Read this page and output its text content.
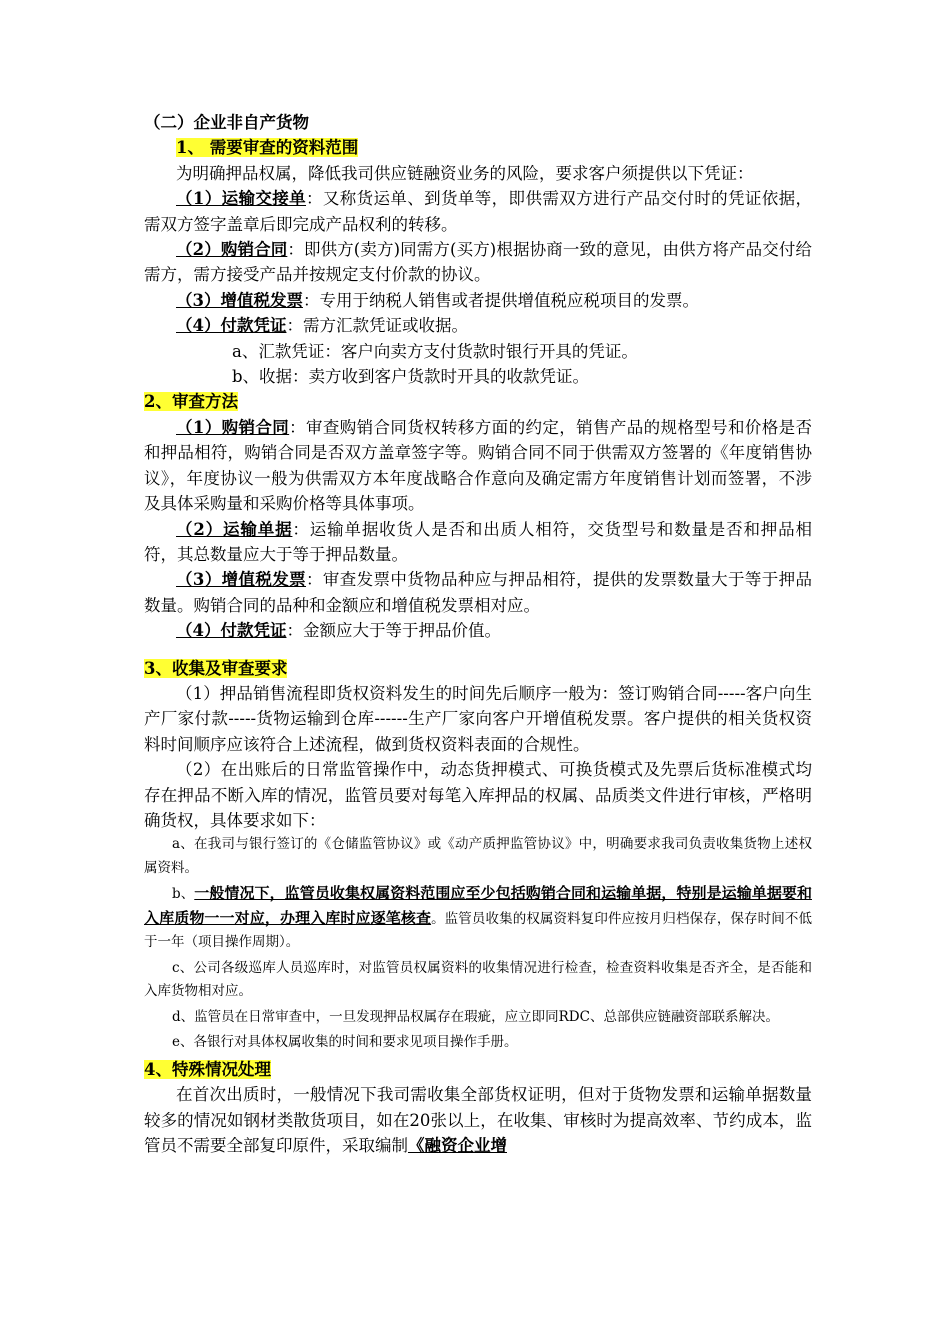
（二）企业非自产货物
1、 需要审查的资料范围

为明确押品权属，降低我司供应链融资业务的风险，要求客户须提供以下凭证：

（1）运输交接单：又称货运单、到货单等，即供需双方进行产品交付时的凭证依据，需双方签字盖章后即完成产品权利的转移。

（2）购销合同：即供方(卖方)同需方(买方)根据协商一致的意见，由供方将产品交付给需方，需方接受产品并按规定支付价款的协议。

（3）增值税发票：专用于纳税人销售或者提供增值税应税项目的发票。

（4）付款凭证：需方汇款凭证或收据。

a、汇款凭证：客户向卖方支付货款时银行开具的凭证。
b、收据：卖方收到客户货款时开具的收款凭证。
2、审查方法

（1）购销合同：审查购销合同货权转移方面的约定，销售产品的规格型号和价格是否和押品相符，购销合同是否双方盖章签字等。购销合同不同于供需双方签署的《年度销售协议》，年度协议一般为供需双方本年度战略合作意向及确定需方年度销售计划而签署，不涉及具体采购量和采购价格等具体事项。

（2）运输单据：运输单据收货人是否和出质人相符，交货型号和数量是否和押品相符，其总数量应大于等于押品数量。

（3）增值税发票：审查发票中货物品种应与押品相符，提供的发票数量大于等于押品数量。购销合同的品种和金额应和增值税发票相对应。

（4）付款凭证：金额应大于等于押品价值。

3、收集及审查要求

（1）押品销售流程即货权资料发生的时间先后顺序一般为：签订购销合同-----客户向生产厂家付款-----货物运输到仓库------生产厂家向客户开增值税发票。客户提供的相关货权资料时间顺序应该符合上述流程，做到货权资料表面的合规性。

（2）在出账后的日常监管操作中，动态货押模式、可换货模式及先票后货标准模式均存在押品不断入库的情况，监管员要对每笔入库押品的权属、品质类文件进行审核，严格明确货权，具体要求如下：

a、在我司与银行签订的《仓储监管协议》或《动产质押监管协议》中，明确要求我司负责收集货物上述权属资料。

b、一般情况下，监管员收集权属资料范围应至少包括购销合同和运输单据，特别是运输单据要和入库质物一一对应，办理入库时应逐笔核查。监管员收集的权属资料复印件应按月归档保存，保存时间不低于一年（项目操作周期）。

c、公司各级巡库人员巡库时，对监管员权属资料的收集情况进行检查，检查资料收集是否齐全，是否能和入库货物相对应。

d、监管员在日常审查中，一旦发现押品权属存在瑕疵，应立即同RDC、总部供应链融资部联系解决。

e、各银行对具体权属收集的时间和要求见项目操作手册。

4、特殊情况处理

在首次出质时，一般情况下我司需收集全部货权证明，但对于货物发票和运输单据数量较多的情况如钢材类散货项目，如在20张以上，在收集、审核时为提高效率、节约成本，监管员不需要全部复印原件，采取编制《融资企业增
